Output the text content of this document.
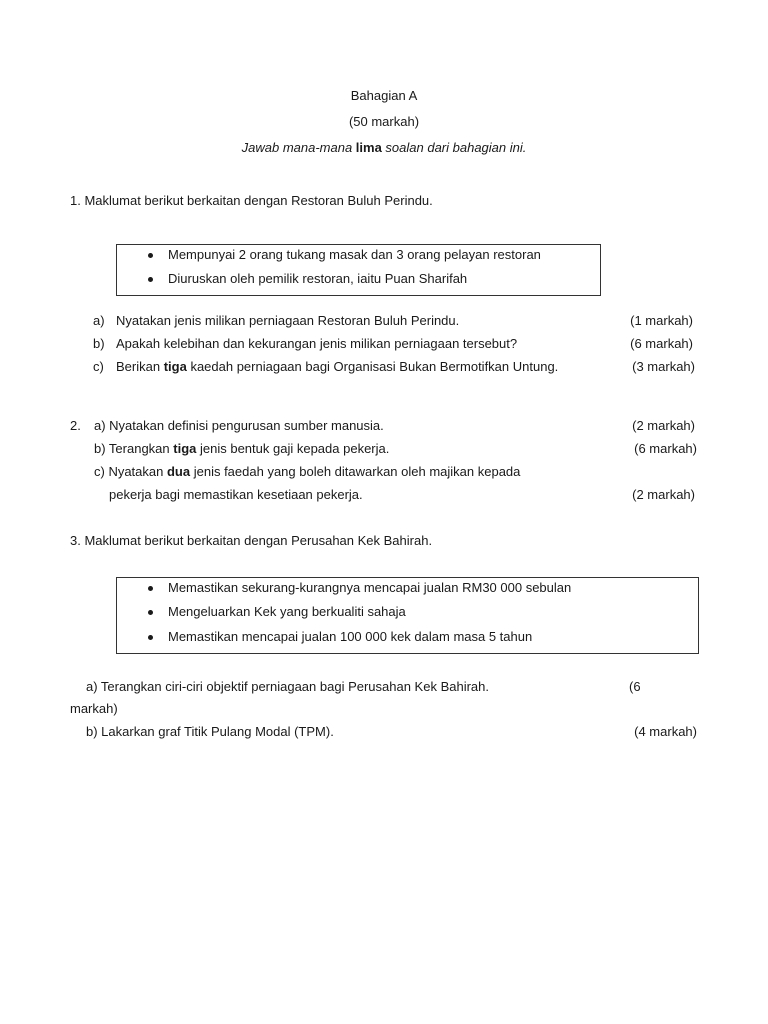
Bahagian A
(50 markah)
Jawab mana-mana lima soalan dari bahagian ini.
1. Maklumat berikut berkaitan dengan Restoran Buluh Perindu.
Mempunyai 2 orang tukang masak dan 3 orang pelayan restoran
Diuruskan oleh pemilik restoran, iaitu Puan Sharifah
a) Nyatakan jenis milikan perniagaan Restoran Buluh Perindu.	(1 markah)
b) Apakah kelebihan dan kekurangan jenis milikan perniagaan tersebut?	(6 markah)
c) Berikan tiga kaedah perniagaan bagi Organisasi Bukan Bermotifkan Untung.	(3 markah)
2. a) Nyatakan definisi pengurusan sumber manusia.	(2 markah)
b) Terangkan tiga jenis bentuk gaji kepada pekerja.	(6 markah)
c) Nyatakan dua jenis faedah yang boleh ditawarkan oleh majikan kepada
pekerja bagi memastikan kesetiaan pekerja.	(2 markah)
3. Maklumat berikut berkaitan dengan Perusahan Kek Bahirah.
Memastikan sekurang-kurangnya mencapai jualan RM30 000 sebulan
Mengeluarkan Kek yang berkualiti sahaja
Memastikan mencapai jualan 100 000 kek dalam masa 5 tahun
a) Terangkan ciri-ciri objektif perniagaan bagi Perusahan Kek Bahirah.	(6
markah)
b) Lakarkan graf Titik Pulang Modal (TPM).	(4 markah)
